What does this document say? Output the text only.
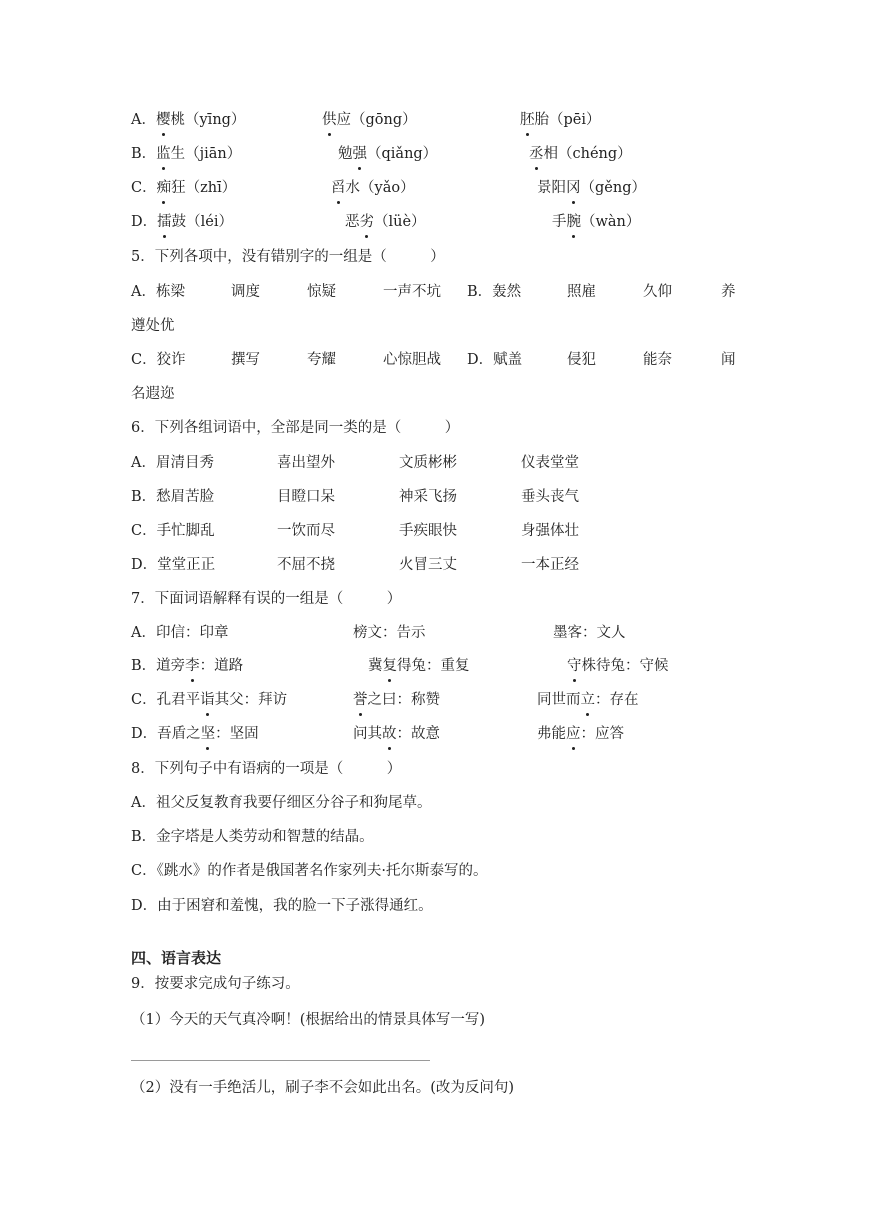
A．樱桃（yīng）	供应（gōng）	胚胎（pēi）
B．监生（jiān）	勉强（qiǎng）	丞相（chéng）
C．痴狂（zhī）	舀水（yǎo）	景阳冈（gěng）
D．擂鼓（léi）	恶劣（lüè）	手腕（wàn）
5．下列各项中，没有错别字的一组是（　　　）
A．栋梁	调度	惊疑	一声不坑 B．轰然	照雇	久仰	养
遵处优
C．狡诈	撰写	夸耀	心惊胆战 D．赋盖	侵犯	能奈	闻
名遐迩
6．下列各组词语中，全部是同一类的是（　　　）
A．眉清目秀	喜出望外	文质彬彬	仪表堂堂
B．愁眉苦脸	目瞪口呆	神采飞扬	垂头丧气
C．手忙脚乱	一饮而尽	手疾眼快	身强体壮
D．堂堂正正	不屈不挠	火冒三丈	一本正经
7．下面词语解释有误的一组是（　　　）
A．印信：印章	榜文：告示	墨客：文人
B．道旁李：道路	冀复得兔：重复	守株待兔：守候
C．孔君平诣其父：拜访	誉之曰：称赞	同世而立：存在
D．吾盾之坚：坚固	问其故：故意	弗能应：应答
8．下列句子中有语病的一项是（　　　）
A．祖父反复教育我要仔细区分谷子和狗尾草。
B．金字塔是人类劳动和智慧的结晶。
C．《跳水》的作者是俄国著名作家列夫·托尔斯泰写的。
D．由于困窘和羞愧，我的脸一下子涨得通红。
四、语言表达
9．按要求完成句子练习。
（1）今天的天气真冷啊！(根据给出的情景具体写一写)
（2）没有一手绝活儿，刷子李不会如此出名。(改为反问句)
